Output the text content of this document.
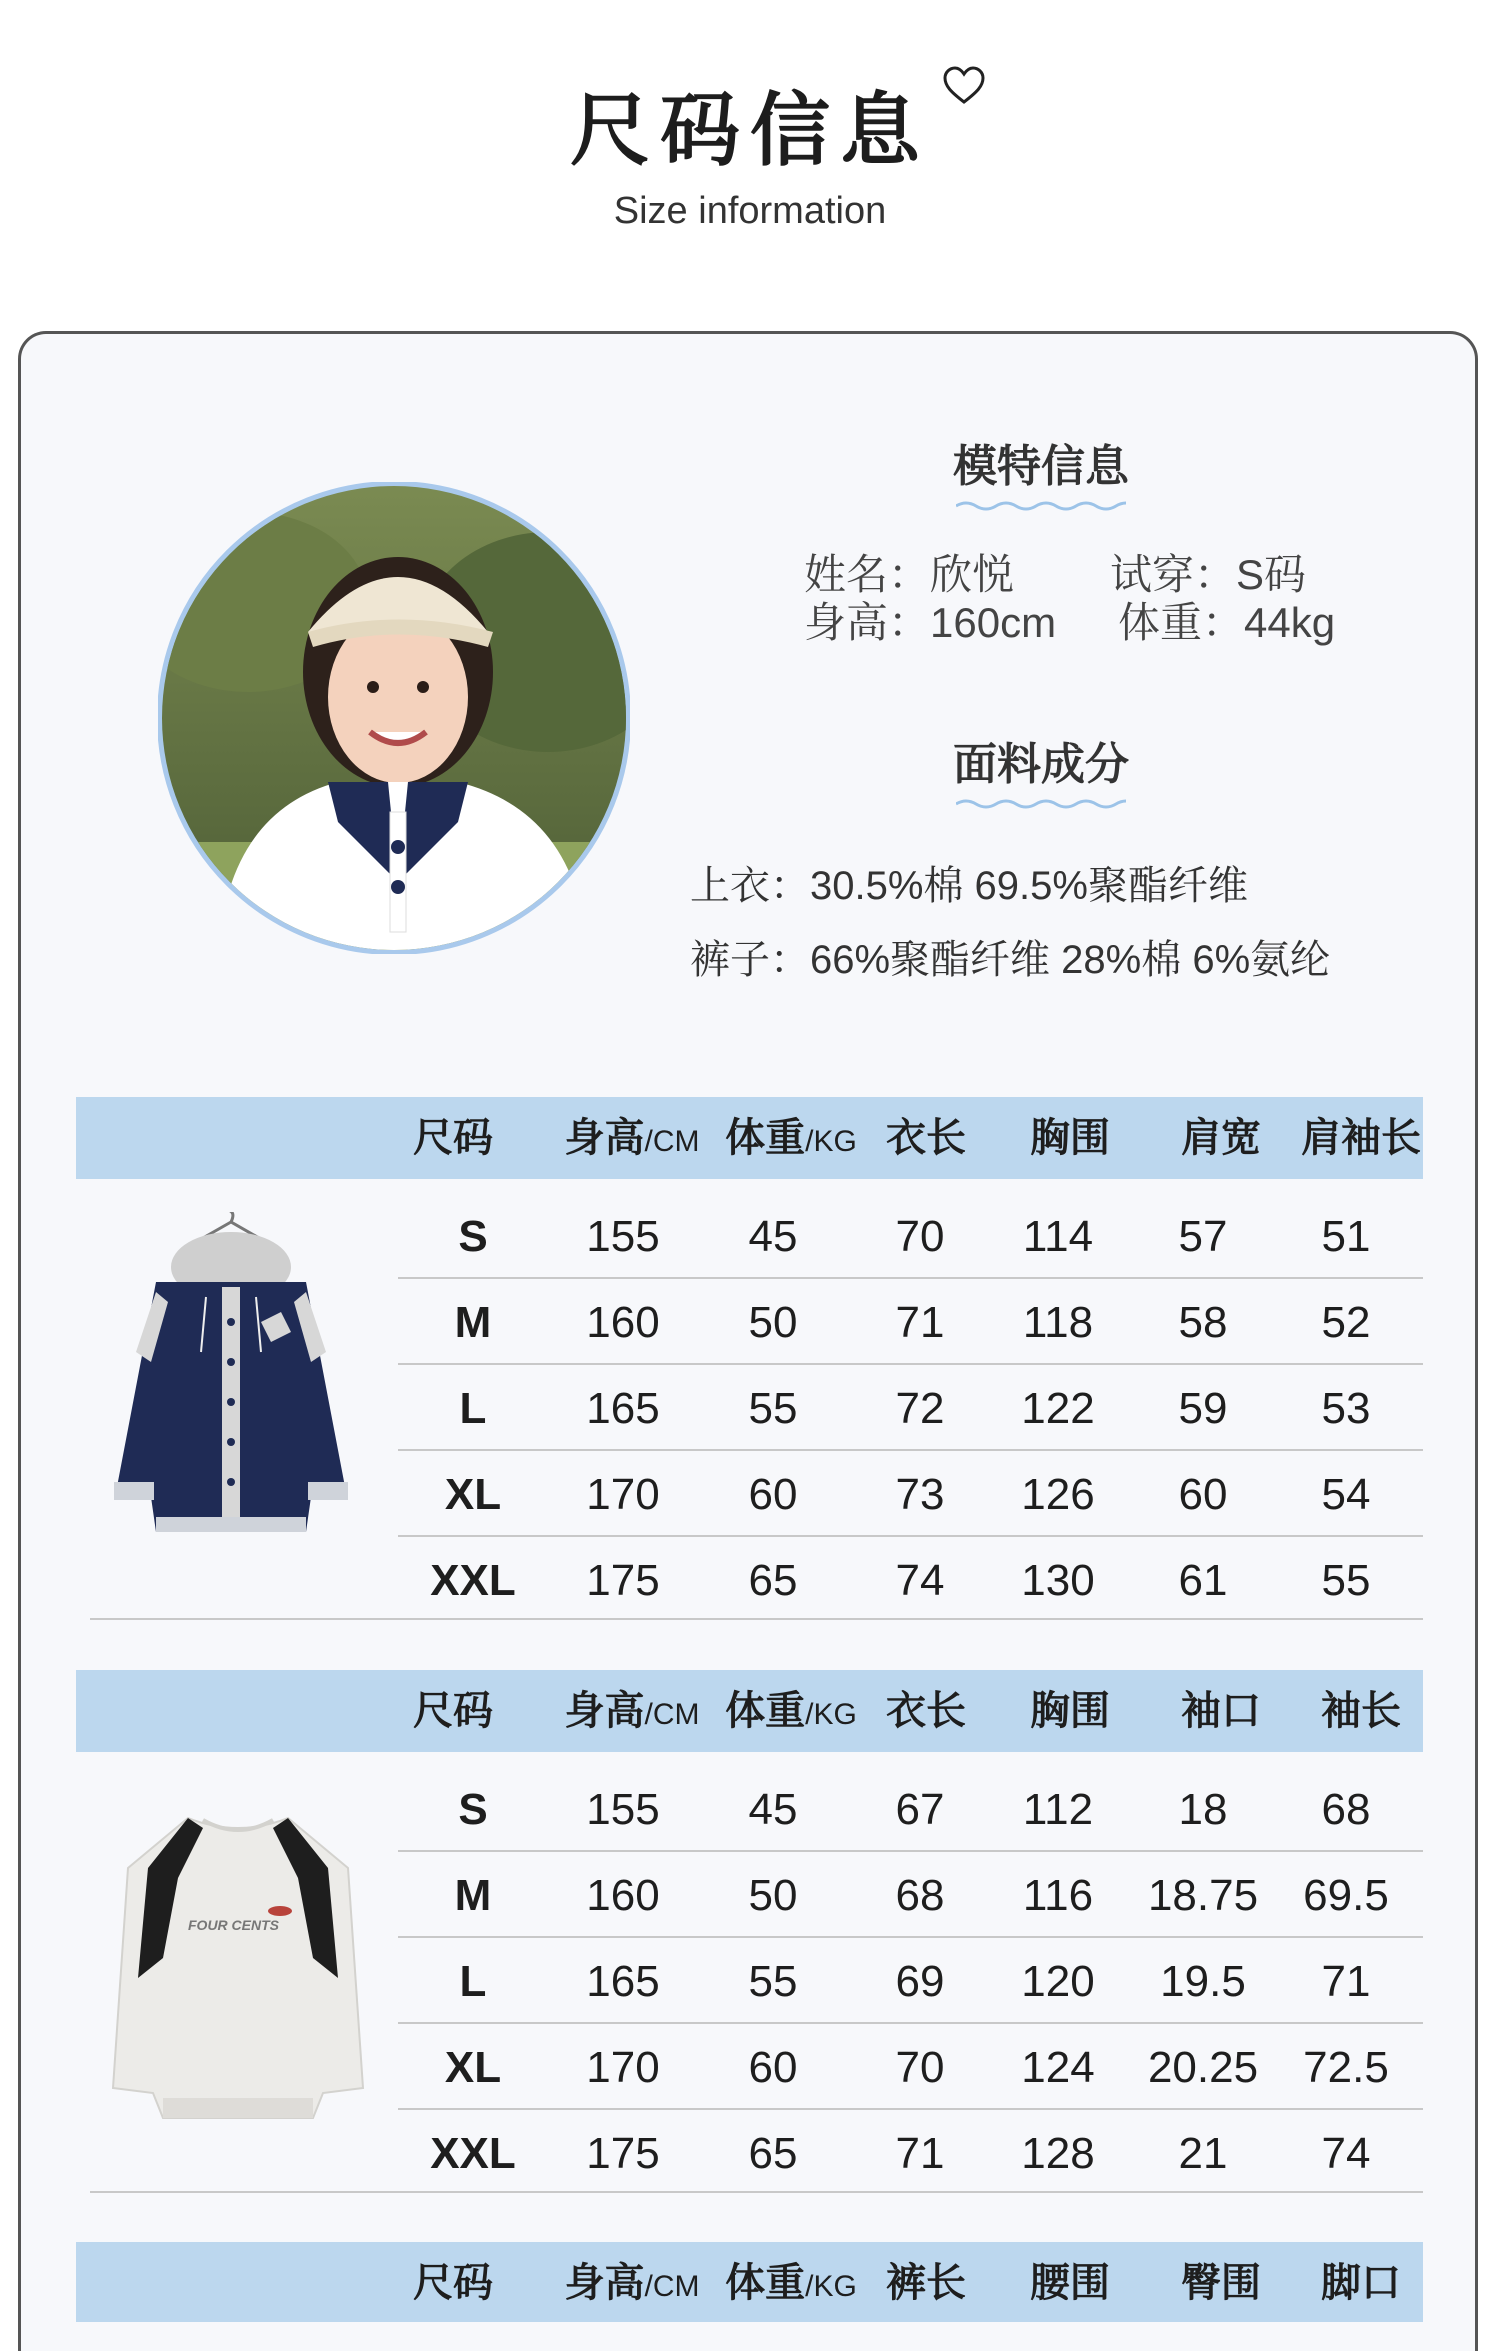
尺码信息
Size information
模特信息
姓名：欣悦 试穿：S码
身高：160cm 体重：44kg
面料成分
上衣：30.5%棉 69.5%聚酯纤维
裤子：66%聚酯纤维 28%棉 6%氨纶
尺码	身高/CM 体重/KG 衣长	胸围	肩宽	肩袖长
S	155	45	70	114	57	51
M	160	50	71	118	58	52
L	165	55	72	122	59	53
XL	170	60	73	126	60	54
XXL	175	65	74	130	61	55
尺码	身高/CM 体重/KG 衣长	胸围	袖口	袖长
FOUR CENTS
S	155	45	67	112	18	68
M	160	50	68	116	18.75	69.5
L	165	55	69	120	19.5	71
XL	170	60	70	124	20.25	72.5
XXL	175	65	71	128	21	74
尺码	身高/CM 体重/KG 裤长	腰围	臀围	脚口
